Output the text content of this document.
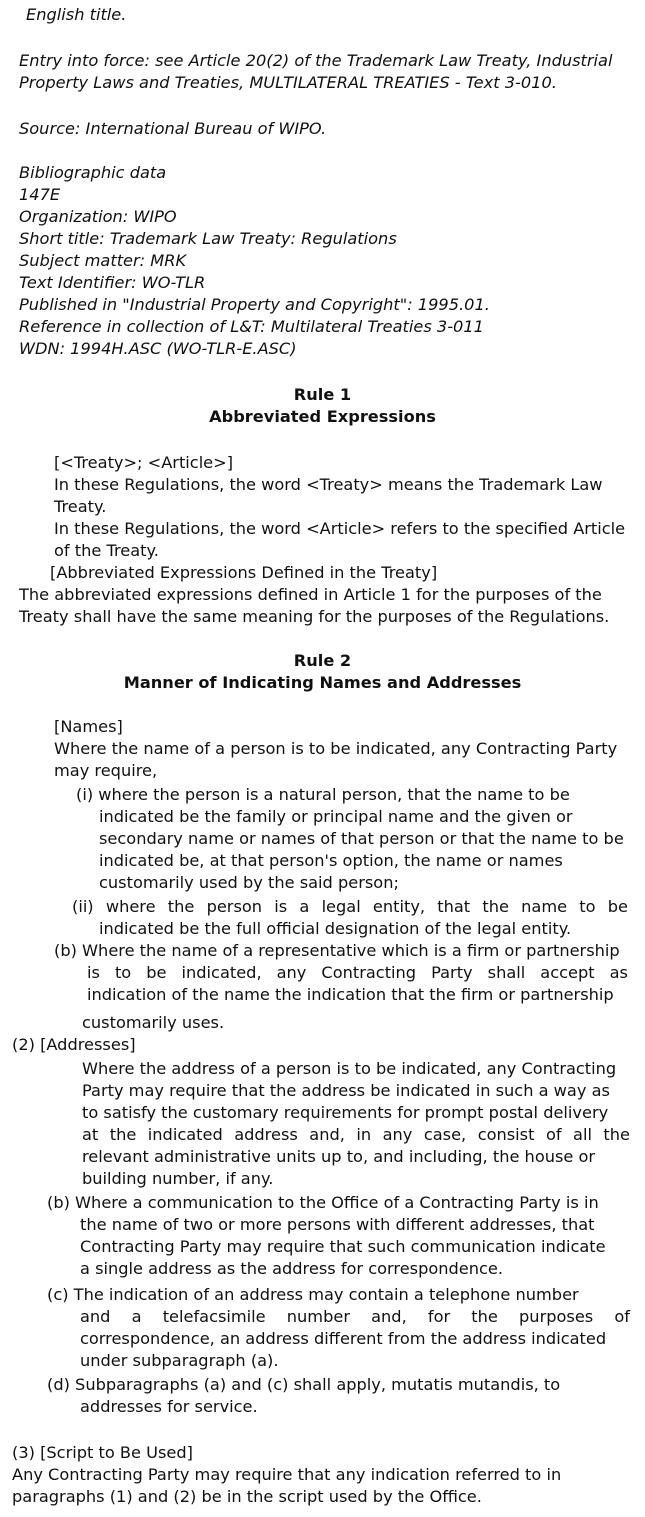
English title.
Entry into force: see Article 20(2) of the Trademark Law Treaty, Industrial
Property Laws and Treaties, MULTILATERAL TREATIES - Text 3-010.
Source: International Bureau of WIPO.
Bibliographic data
147E
Organization: WIPO
Short title: Trademark Law Treaty: Regulations
Subject matter: MRK
Text Identifier: WO-TLR
Published in "Industrial Property and Copyright": 1995.01.
Reference in collection of L&T: Multilateral Treaties 3-011
WDN: 1994H.ASC (WO-TLR-E.ASC)
Rule 1
Abbreviated Expressions
[<Treaty>; <Article>]
In these Regulations, the word <Treaty> means the Trademark Law
Treaty.
In these Regulations, the word <Article> refers to the specified Article
of the Treaty.
[Abbreviated Expressions Defined in the Treaty]
The abbreviated expressions defined in Article 1 for the purposes of the
Treaty shall have the same meaning for the purposes of the Regulations.
Rule 2
Manner of Indicating Names and Addresses
[Names]
Where the name of a person is to be indicated, any Contracting Party
may require,
(i) where the person is a natural person, that the name to be
indicated be the family or principal name and the given or
secondary name or names of that person or that the name to be
indicated be, at that person's option, the name or names
customarily used by the said person;
(ii) where the person is a legal entity, that the name to be
indicated be the full official designation of the legal entity.
(b) Where the name of a representative which is a firm or partnership
is to be indicated, any Contracting Party shall accept as
indication of the name the indication that the firm or partnership
customarily uses.
(2) [Addresses]
Where the address of a person is to be indicated, any Contracting
Party may require that the address be indicated in such a way as
to satisfy the customary requirements for prompt postal delivery
at the indicated address and, in any case, consist of all the
relevant administrative units up to, and including, the house or
building number, if any.
(b) Where a communication to the Office of a Contracting Party is in
the name of two or more persons with different addresses, that
Contracting Party may require that such communication indicate
a single address as the address for correspondence.
(c) The indication of an address may contain a telephone number
and a telefacsimile number and, for the purposes of
correspondence, an address different from the address indicated
under subparagraph (a).
(d) Subparagraphs (a) and (c) shall apply, mutatis mutandis, to
addresses for service.
(3) [Script to Be Used]
Any Contracting Party may require that any indication referred to in
paragraphs (1) and (2) be in the script used by the Office.
